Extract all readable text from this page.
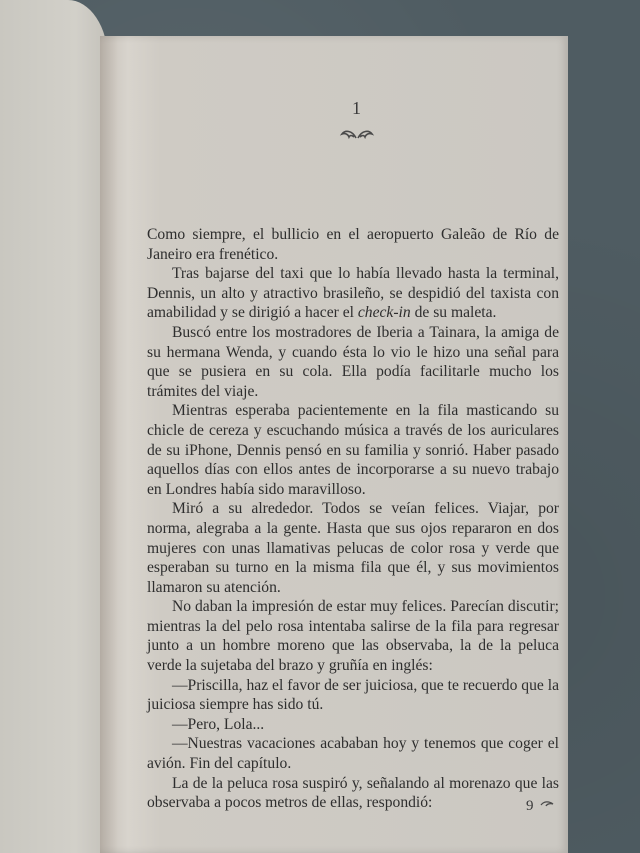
1

Como siempre, el bullicio en el aeropuerto Galeão de Río de Janeiro era frenético.

Tras bajarse del taxi que lo había llevado hasta la terminal, Dennis, un alto y atractivo brasileño, se despidió del taxista con amabilidad y se dirigió a hacer el check-in de su maleta.

Buscó entre los mostradores de Iberia a Tainara, la amiga de su hermana Wenda, y cuando ésta lo vio le hizo una señal para que se pusiera en su cola. Ella podía facilitarle mucho los trámites del viaje.

Mientras esperaba pacientemente en la fila masticando su chicle de cereza y escuchando música a través de los auriculares de su iPhone, Dennis pensó en su familia y sonrió. Haber pasado aquellos días con ellos antes de incorporarse a su nuevo trabajo en Londres había sido maravilloso.

Miró a su alrededor. Todos se veían felices. Viajar, por norma, alegraba a la gente. Hasta que sus ojos repararon en dos mujeres con unas llamativas pelucas de color rosa y verde que esperaban su turno en la misma fila que él, y sus movimientos llamaron su atención.

No daban la impresión de estar muy felices. Parecían discutir; mientras la del pelo rosa intentaba salirse de la fila para regresar junto a un hombre moreno que las observaba, la de la peluca verde la sujetaba del brazo y gruñía en inglés:

—Priscilla, haz el favor de ser juiciosa, que te recuerdo que la juiciosa siempre has sido tú.

—Pero, Lola...

—Nuestras vacaciones acababan hoy y tenemos que coger el avión. Fin del capítulo.

La de la peluca rosa suspiró y, señalando al morenazo que las observaba a pocos metros de ellas, respondió:	9
